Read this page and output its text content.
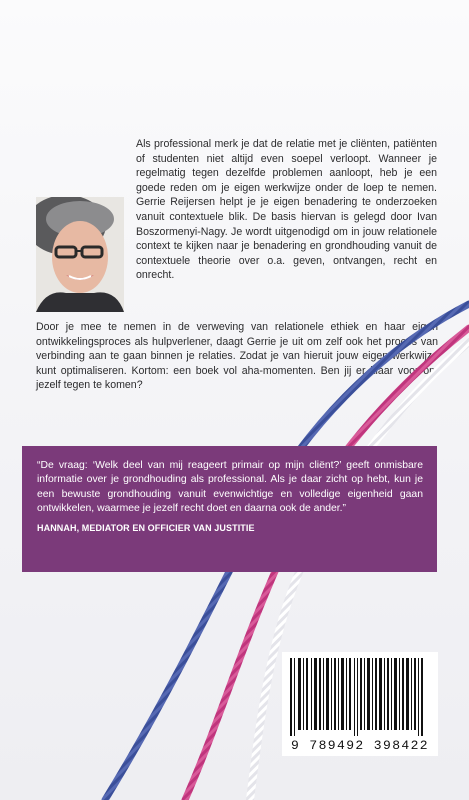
Als professional merk je dat de relatie met je cliënten, patiënten of studenten niet altijd even soepel verloopt. Wanneer je regelmatig tegen dezelfde problemen aanloopt, heb je een goede reden om je eigen werkwijze onder de loep te nemen. Gerrie Reijersen helpt je je eigen benadering te onderzoeken vanuit contextuele blik. De basis hiervan is gelegd door Ivan Boszormenyi-Nagy. Je wordt uitgenodigd om in jouw relationele context te kijken naar je benadering en grondhouding vanuit de contextuele theorie over o.a. geven, ontvangen, recht en onrecht.

Door je mee te nemen in de verweving van relationele ethiek en haar eigen ontwikkelingsproces als hulpverlener, daagt Gerrie je uit om zelf ook het proces van verbinding aan te gaan binnen je relaties. Zodat je van hieruit jouw eigen werkwijze kunt optimaliseren. Kortom: een boek vol aha-momenten. Ben jij er klaar voor om jezelf tegen te komen?

“De vraag: ‘Welk deel van mij reageert primair op mijn cliënt?’ geeft onmisbare informatie over je grondhouding als professional. Als je daar zicht op hebt, kun je een bewuste grondhouding vanuit evenwichtige en volledige eigenheid gaan ontwikkelen, waarmee je jezelf recht doet en daarna ook de ander.”

HANNAH, MEDIATOR EN OFFICIER VAN JUSTITIE
9 789492 398422
